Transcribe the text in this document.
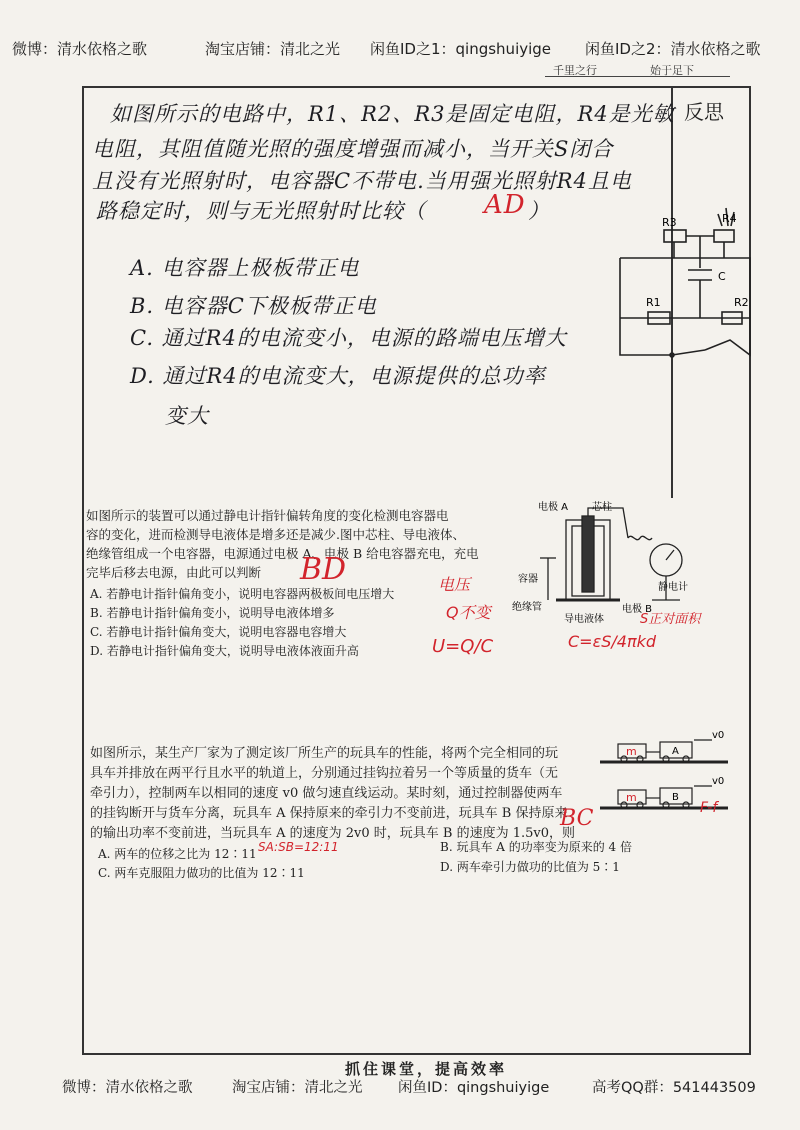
微博：清水依格之歌	淘宝店铺：清北之光 闲鱼ID之1：qingshuiyige 闲鱼ID之2：清水依格之歌
千里之行	始于足下
反思
如图所示的电路中，R1、R2、R3是固定电阻，R4是光敏
电阻，其阻值随光照的强度增强而减小，当开关S闭合
且没有光照射时，电容器C不带电.当用强光照射R4且电
路稳定时，则与无光照射时比较（ AD ）
A. 电容器上极板带正电
B. 电容器C下极板带正电
C. 通过R4的电流变小，电源的路端电压增大
D. 通过R4的电流变大，电源提供的总功率
变大
R3	R4
C
R1	R2
如图所示的装置可以通过静电计指针偏转角度的变化检测电容器电
容的变化，进而检测导电液体是增多还是减少.图中芯柱、导电液体、
绝缘管组成一个电容器，电源通过电极 A、电极 B 给电容器充电，充电
完毕后移去电源，由此可以判断
A. 若静电计指针偏角变小，说明电容器两极板间电压增大
B. 若静电计指针偏角变小，说明导电液体增多
C. 若静电计指针偏角变大，说明电容器电容增大
D. 若静电计指针偏角变大，说明导电液体液面升高
电极 A 芯柱
容器
绝缘管
导电液体
电极 B
静电计
BD	电压
Q不变
U=Q/C	C=εS/4πkd
S正对面积
如图所示，某生产厂家为了测定该厂所生产的玩具车的性能，将两个完全相同的玩
具车并排放在两平行且水平的轨道上，分别通过挂钩拉着另一个等质量的货车（无
牵引力），控制两车以相同的速度 v0 做匀速直线运动。某时刻，通过控制器使两车
的挂钩断开与货车分离，玩具车 A 保持原来的牵引力不变前进，玩具车 B 保持原来
的输出功率不变前进，当玩具车 A 的速度为 2v0 时，玩具车 B 的速度为 1.5v0，则
A. 两车的位移之比为 12∶11	B. 玩具车 A 的功率变为原来的 4 倍
C. 两车克服阻力做功的比值为 12∶11	D. 两车牵引力做功的比值为 5∶1
v0
v0
A
B
m
m
SA:SB=12:11
BC	F-f
抓住课堂，提高效率
微博：清水依格之歌	淘宝店铺：清北之光 闲鱼ID：qingshuiyige	高考QQ群：541443509
